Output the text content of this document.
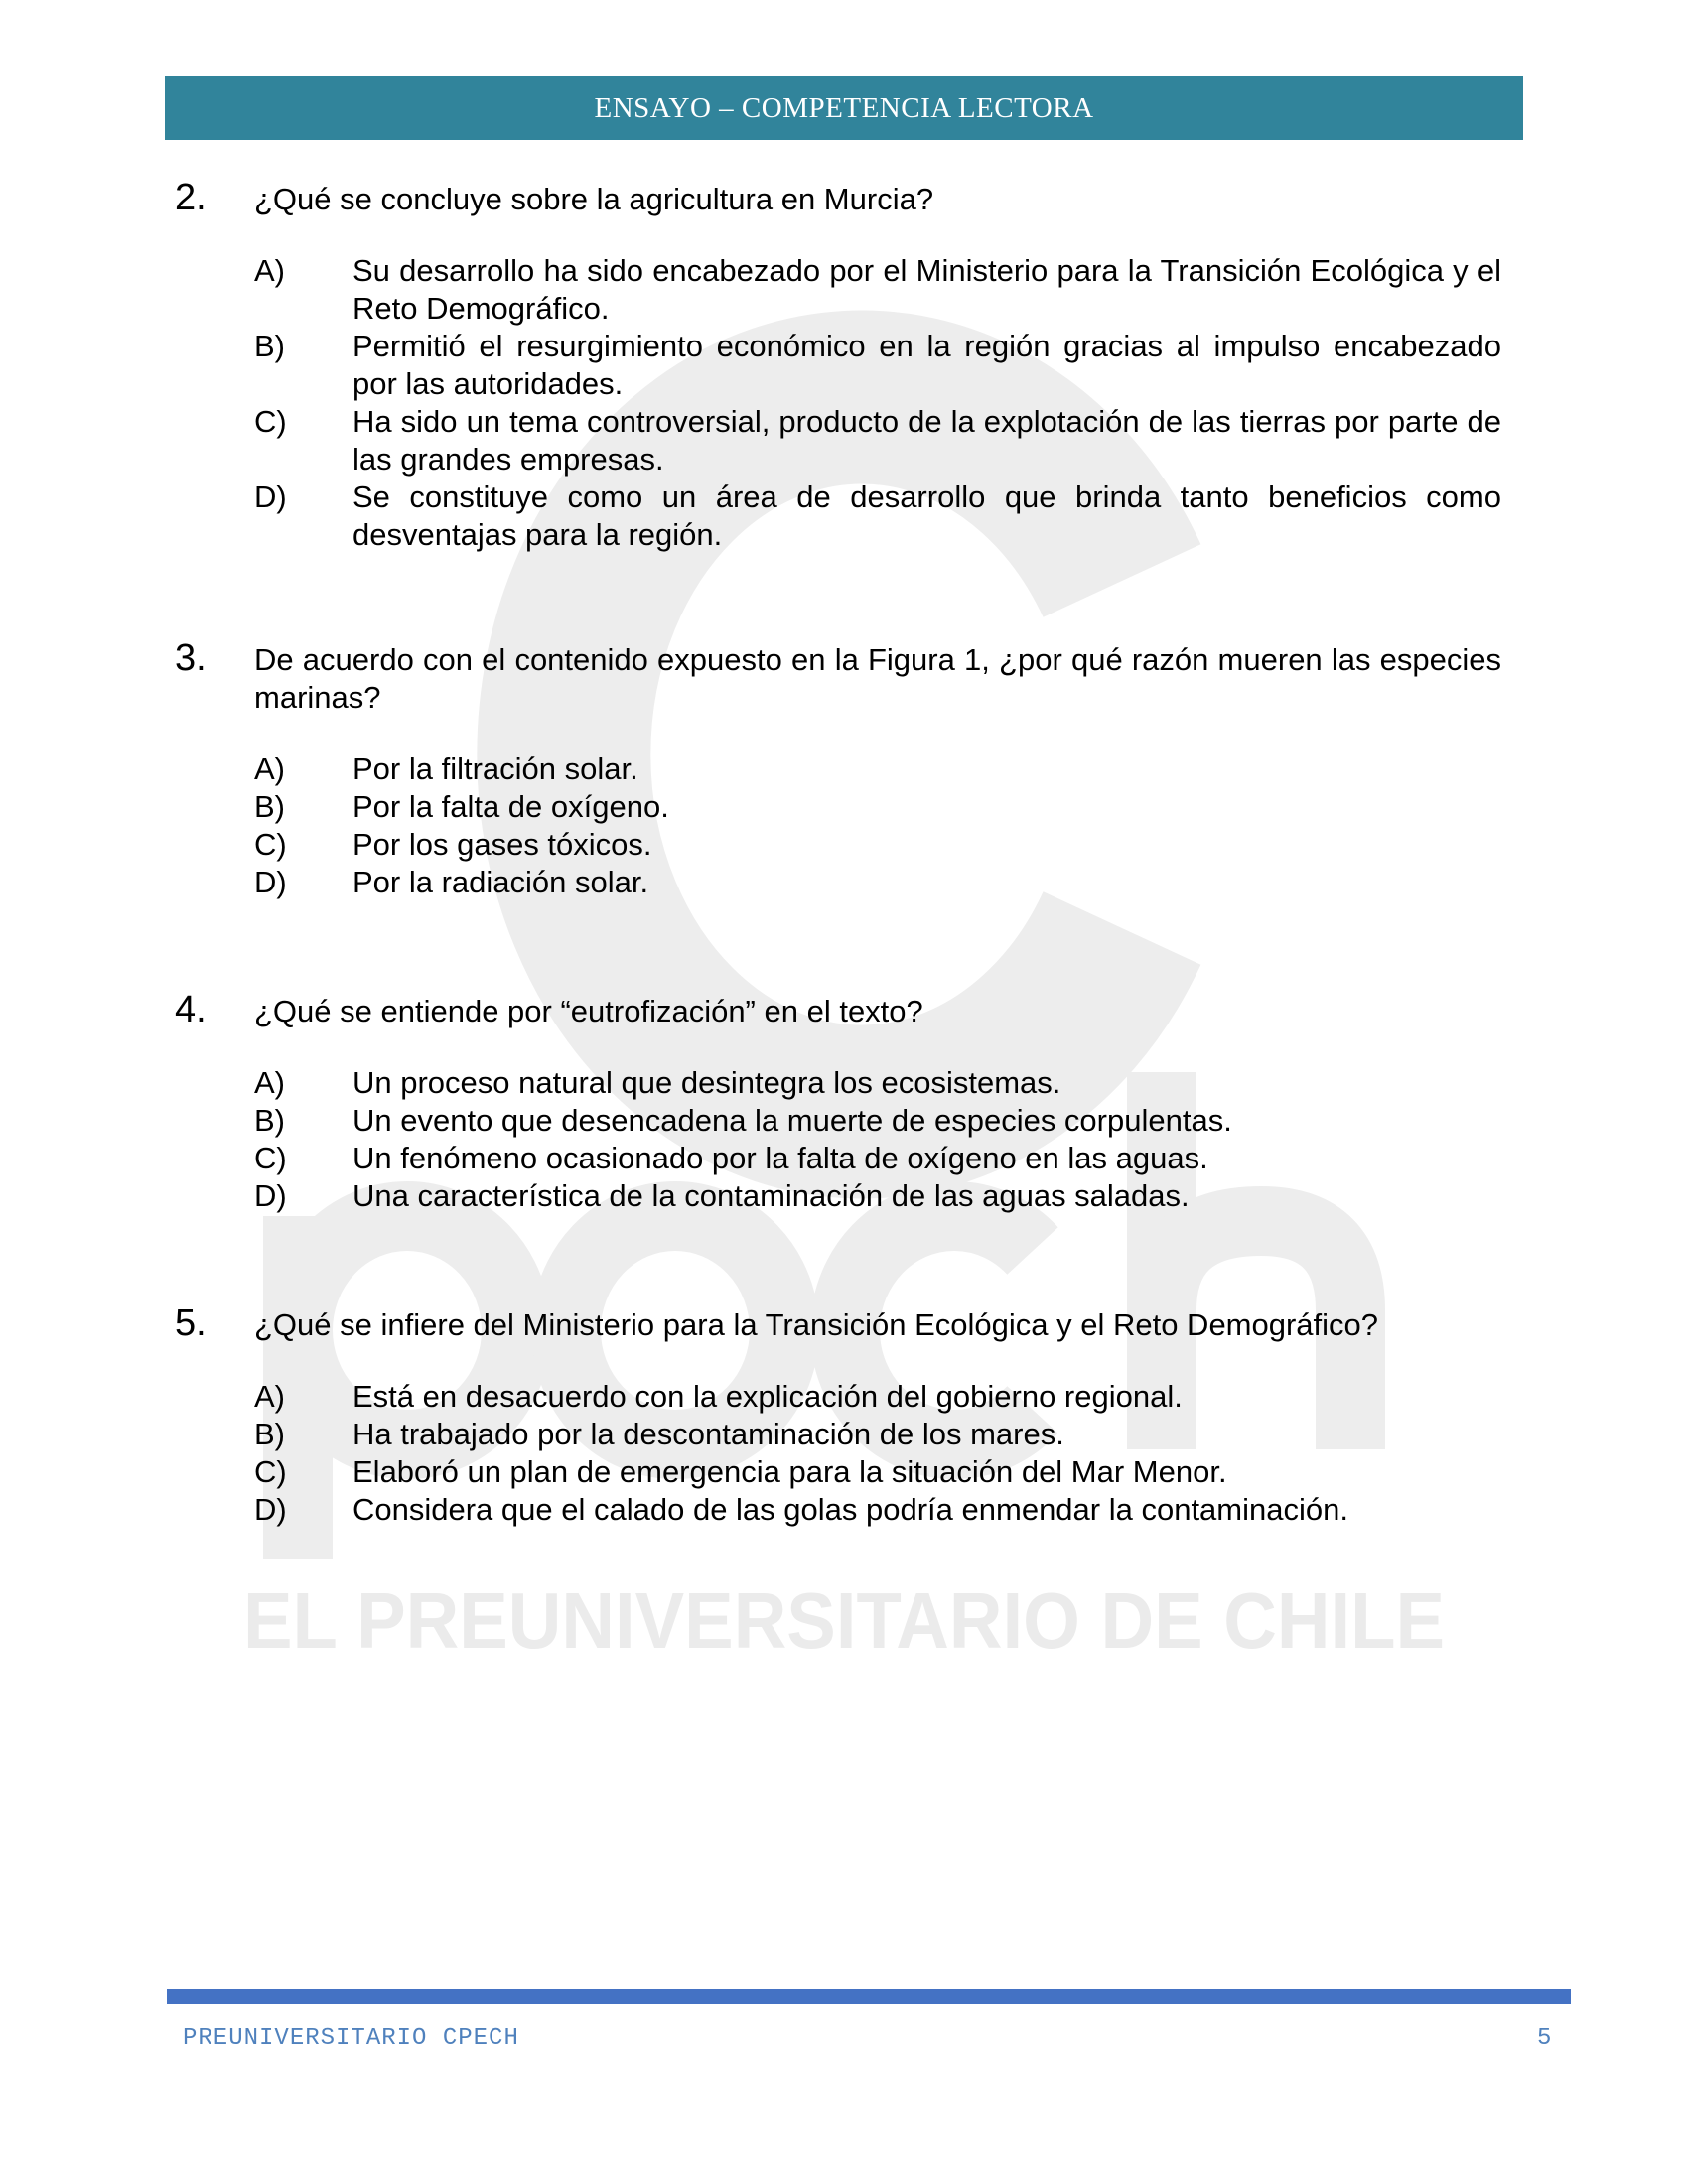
EL PREUNIVERSITARIO DE CHILE
ENSAYO – COMPETENCIA LECTORA
2. ¿Qué se concluye sobre la agricultura en Murcia?
A) Su desarrollo ha sido encabezado por el Ministerio para la Transición Ecológica y el Reto Demográfico.
B) Permitió el resurgimiento económico en la región gracias al impulso encabezado por las autoridades.
C) Ha sido un tema controversial, producto de la explotación de las tierras por parte de las grandes empresas.
D) Se constituye como un área de desarrollo que brinda tanto beneficios como desventajas para la región.
3. De acuerdo con el contenido expuesto en la Figura 1, ¿por qué razón mueren las especies marinas?
A) Por la filtración solar.
B) Por la falta de oxígeno.
C) Por los gases tóxicos.
D) Por la radiación solar.
4. ¿Qué se entiende por “eutrofización” en el texto?
A) Un proceso natural que desintegra los ecosistemas.
B) Un evento que desencadena la muerte de especies corpulentas.
C) Un fenómeno ocasionado por la falta de oxígeno en las aguas.
D) Una característica de la contaminación de las aguas saladas.
5. ¿Qué se infiere del Ministerio para la Transición Ecológica y el Reto Demográfico?
A) Está en desacuerdo con la explicación del gobierno regional.
B) Ha trabajado por la descontaminación de los mares.
C) Elaboró un plan de emergencia para la situación del Mar Menor.
D) Considera que el calado de las golas podría enmendar la contaminación.
PREUNIVERSITARIO CPECH	5
